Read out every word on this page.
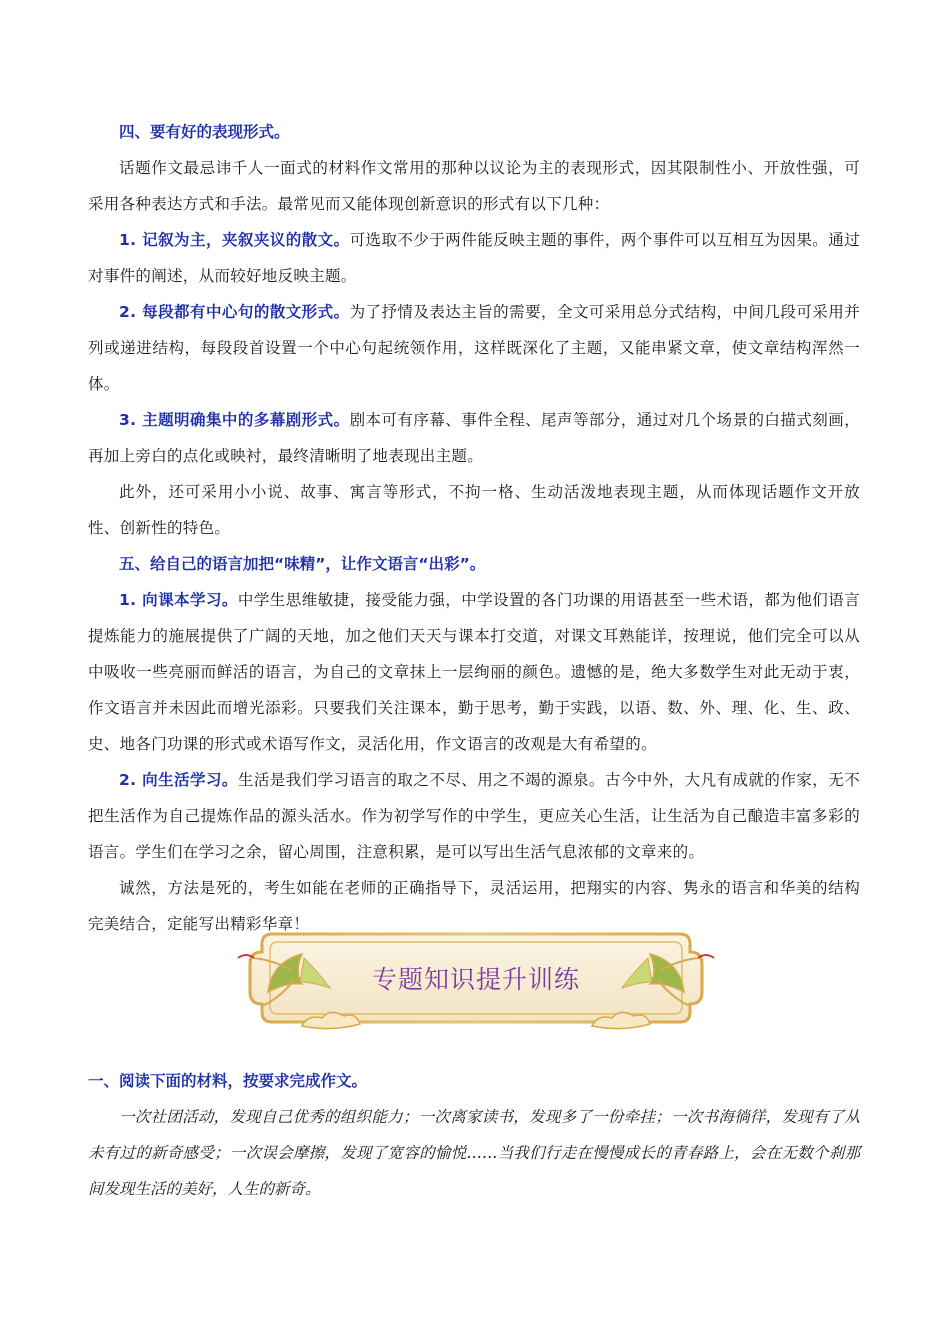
四、要有好的表现形式。

话题作文最忌讳千人一面式的材料作文常用的那种以议论为主的表现形式，因其限制性小、开放性强，可采用各种表达方式和手法。最常见而又能体现创新意识的形式有以下几种：

1. 记叙为主，夹叙夹议的散文。可选取不少于两件能反映主题的事件，两个事件可以互相互为因果。通过对事件的阐述，从而较好地反映主题。

2. 每段都有中心句的散文形式。为了抒情及表达主旨的需要，全文可采用总分式结构，中间几段可采用并列或递进结构，每段段首设置一个中心句起统领作用，这样既深化了主题，又能串紧文章，使文章结构浑然一体。

3. 主题明确集中的多幕剧形式。剧本可有序幕、事件全程、尾声等部分，通过对几个场景的白描式刻画，再加上旁白的点化或映衬，最终清晰明了地表现出主题。

此外，还可采用小小说、故事、寓言等形式，不拘一格、生动活泼地表现主题，从而体现话题作文开放性、创新性的特色。

五、给自己的语言加把“味精”，让作文语言“出彩”。

1. 向课本学习。中学生思维敏捷，接受能力强，中学设置的各门功课的用语甚至一些术语，都为他们语言提炼能力的施展提供了广阔的天地，加之他们天天与课本打交道，对课文耳熟能详，按理说，他们完全可以从中吸收一些亮丽而鲜活的语言，为自己的文章抹上一层绚丽的颜色。遗憾的是，绝大多数学生对此无动于衷，作文语言并未因此而增光添彩。只要我们关注课本，勤于思考，勤于实践，以语、数、外、理、化、生、政、史、地各门功课的形式或术语写作文，灵活化用，作文语言的改观是大有希望的。

2. 向生活学习。生活是我们学习语言的取之不尽、用之不竭的源泉。古今中外，大凡有成就的作家，无不把生活作为自己提炼作品的源头活水。作为初学写作的中学生，更应关心生活，让生活为自己酿造丰富多彩的语言。学生们在学习之余，留心周围，注意积累，是可以写出生活气息浓郁的文章来的。

诚然，方法是死的，考生如能在老师的正确指导下，灵活运用，把翔实的内容、隽永的语言和华美的结构完美结合，定能写出精彩华章！

专题知识提升训练

一、阅读下面的材料，按要求完成作文。

一次社团活动，发现自己优秀的组织能力；一次离家读书，发现多了一份牵挂；一次书海徜徉，发现有了从未有过的新奇感受；一次误会摩擦，发现了宽容的愉悦……当我们行走在慢慢成长的青春路上，会在无数个刹那间发现生活的美好，人生的新奇。
